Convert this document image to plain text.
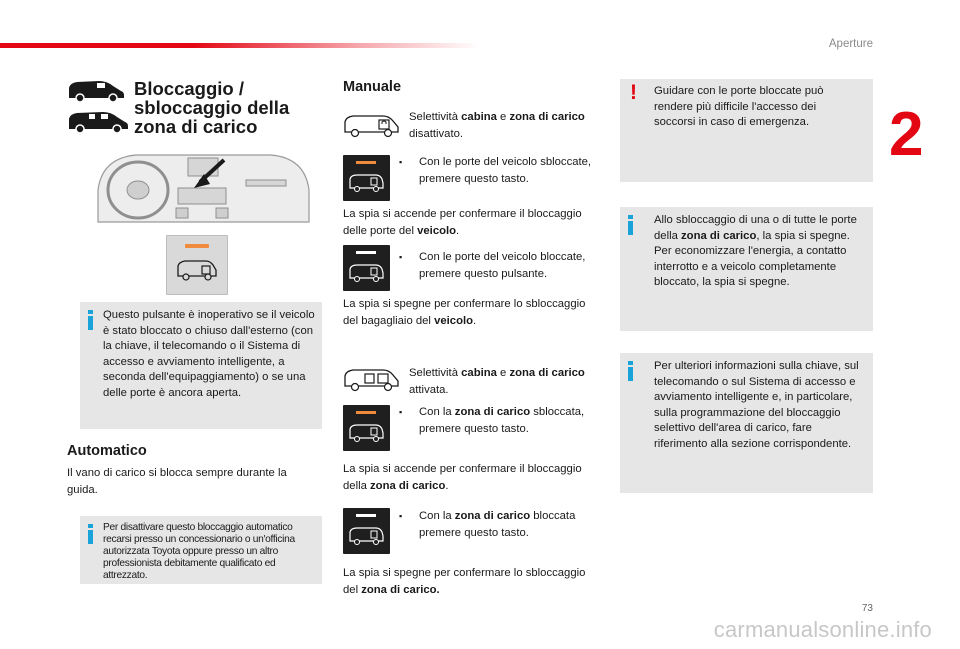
Aperture
2
73
carmanualsonline.info
Bloccaggio / sbloccaggio della zona di carico
Questo pulsante è inoperativo se il veicolo è stato bloccato o chiuso dall'esterno (con la chiave, il telecomando o il Sistema di accesso e avviamento intelligente, a seconda dell'equipaggiamento) o se una delle porte è ancora aperta.
Automatico
Il vano di carico si blocca sempre durante la guida.
Per disattivare questo bloccaggio automatico recarsi presso un concessionario o un'officina autorizzata Toyota oppure presso un altro professionista debitamente qualificato ed attrezzato.
Manuale
Selettività cabina e zona di carico
disattivato.
▪ Con le porte del veicolo sbloccate, premere questo tasto.
La spia si accende per confermare il bloccaggio delle porte del veicolo.
▪ Con le porte del veicolo bloccate, premere questo pulsante.
La spia si spegne per confermare lo sbloccaggio del bagagliaio del veicolo.
Selettività cabina e zona di carico
attivata.
▪ Con la zona di carico sbloccata, premere questo tasto.
La spia si accende per confermare il bloccaggio della zona di carico.
▪ Con la zona di carico bloccata premere questo tasto.
La spia si spegne per confermare lo sbloccaggio del zona di carico.
! Guidare con le porte bloccate può rendere più difficile l'accesso dei soccorsi in caso di emergenza.
Allo sbloccaggio di una o di tutte le porte della zona di carico, la spia si spegne.
Per economizzare l'energia, a contatto interrotto e a veicolo completamente bloccato, la spia si spegne.
Per ulteriori informazioni sulla chiave, sul telecomando o sul Sistema di accesso e avviamento intelligente e, in particolare, sulla programmazione del bloccaggio selettivo dell'area di carico, fare riferimento alla sezione corrispondente.
